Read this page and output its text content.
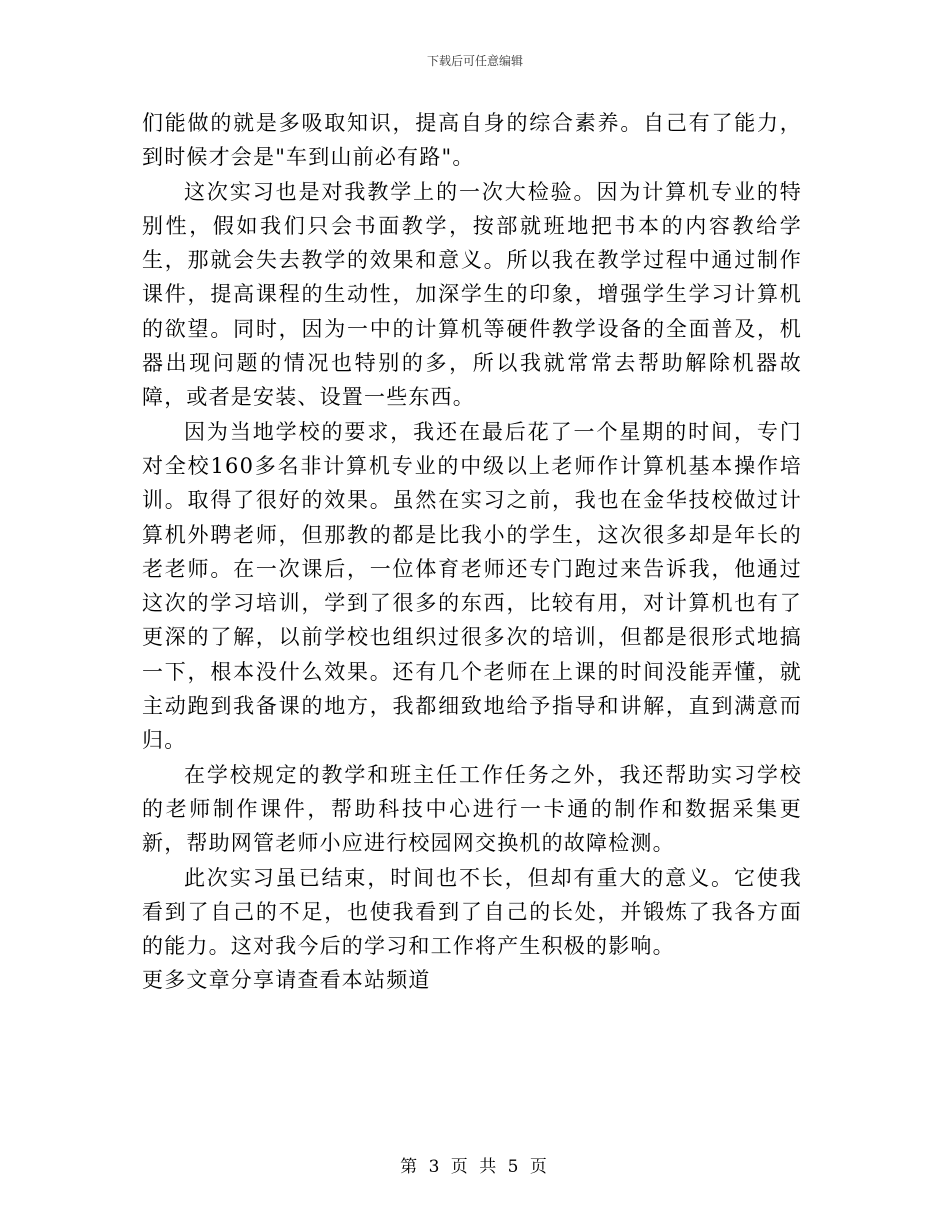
下载后可任意编辑

们能做的就是多吸取知识，提高自身的综合素养。自己有了能力，到时候才会是"车到山前必有路"。

这次实习也是对我教学上的一次大检验。因为计算机专业的特别性，假如我们只会书面教学，按部就班地把书本的内容教给学生，那就会失去教学的效果和意义。所以我在教学过程中通过制作课件，提高课程的生动性，加深学生的印象，增强学生学习计算机的欲望。同时，因为一中的计算机等硬件教学设备的全面普及，机器出现问题的情况也特别的多，所以我就常常去帮助解除机器故障，或者是安装、设置一些东西。

因为当地学校的要求，我还在最后花了一个星期的时间，专门对全校160多名非计算机专业的中级以上老师作计算机基本操作培训。取得了很好的效果。虽然在实习之前，我也在金华技校做过计算机外聘老师，但那教的都是比我小的学生，这次很多却是年长的老老师。在一次课后，一位体育老师还专门跑过来告诉我，他通过这次的学习培训，学到了很多的东西，比较有用，对计算机也有了更深的了解，以前学校也组织过很多次的培训，但都是很形式地搞一下，根本没什么效果。还有几个老师在上课的时间没能弄懂，就主动跑到我备课的地方，我都细致地给予指导和讲解，直到满意而归。

在学校规定的教学和班主任工作任务之外，我还帮助实习学校的老师制作课件，帮助科技中心进行一卡通的制作和数据采集更新，帮助网管老师小应进行校园网交换机的故障检测。

此次实习虽已结束，时间也不长，但却有重大的意义。它使我看到了自己的不足，也使我看到了自己的长处，并锻炼了我各方面的能力。这对我今后的学习和工作将产生积极的影响。

更多文章分享请查看本站频道

第 3 页 共 5 页
